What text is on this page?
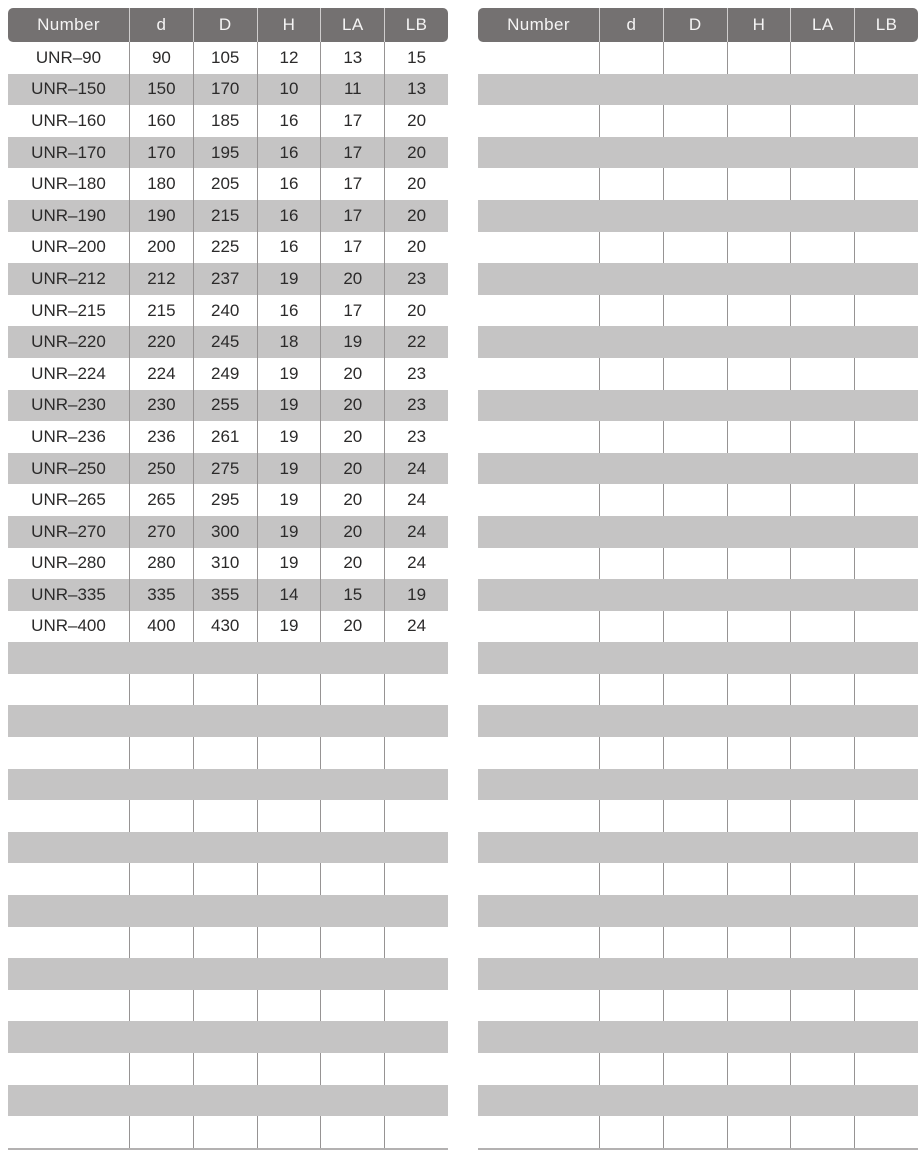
Number	d	D	H	LA	LB
UNR–90	90	105	12	13	15
UNR–150	150	170	10	11	13
UNR–160	160	185	16	17	20
UNR–170	170	195	16	17	20
UNR–180	180	205	16	17	20
UNR–190	190	215	16	17	20
UNR–200	200	225	16	17	20
UNR–212	212	237	19	20	23
UNR–215	215	240	16	17	20
UNR–220	220	245	18	19	22
UNR–224	224	249	19	20	23
UNR–230	230	255	19	20	23
UNR–236	236	261	19	20	23
UNR–250	250	275	19	20	24
UNR–265	265	295	19	20	24
UNR–270	270	300	19	20	24
UNR–280	280	310	19	20	24
UNR–335	335	355	14	15	19
UNR–400	400	430	19	20	24
Number	d	D	H	LA	LB
